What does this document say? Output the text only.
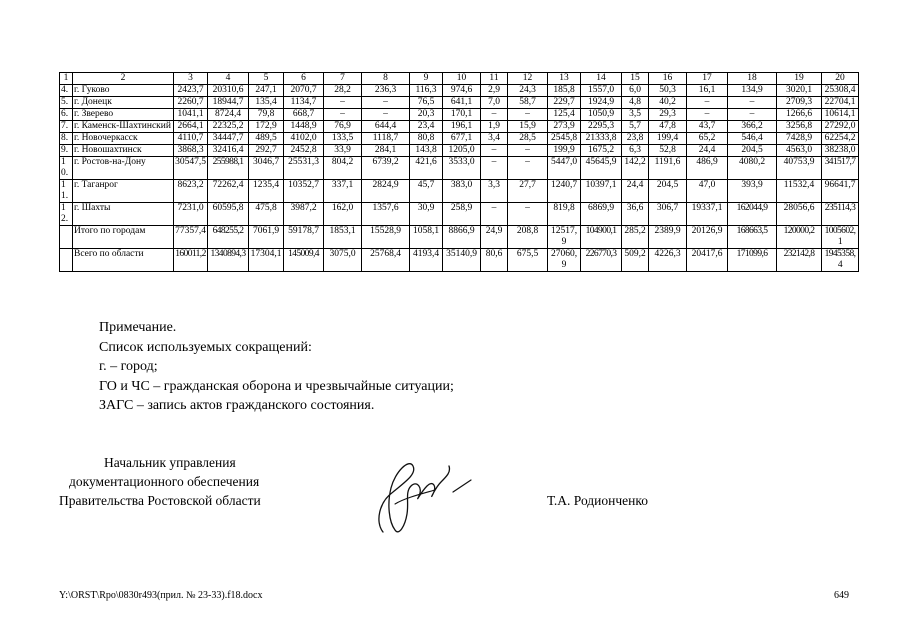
1	2	3	4	5	6	7	8	9	10	11	12	13	14	15	16	17	18	19	20
4.	г. Гуково	2423,7	20310,6	247,1	2070,7	28,2	236,3	116,3	974,6	2,9	24,3	185,8	1557,0	6,0	50,3	16,1	134,9	3020,1	25308,4
5.	г. Донецк	2260,7	18944,7	135,4	1134,7	–	–	76,5	641,1	7,0	58,7	229,7	1924,9	4,8	40,2	–	–	2709,3	22704,1
6.	г. Зверево	1041,1	8724,4	79,8	668,7	–	–	20,3	170,1	–	–	125,4	1050,9	3,5	29,3	–	–	1266,6	10614,1
7.	г. Каменск-Шахтинский	2664,1	22325,2	172,9	1448,9	76,9	644,4	23,4	196,1	1,9	15,9	273,9	2295,3	5,7	47,8	43,7	366,2	3256,8	27292,0
8.	г. Новочеркасск	4110,7	34447,7	489,5	4102,0	133,5	1118,7	80,8	677,1	3,4	28,5	2545,8	21333,8	23,8	199,4	65,2	546,4	7428,9	62254,2
9.	г. Новошахтинск	3868,3	32416,4	292,7	2452,8	33,9	284,1	143,8	1205,0	–	–	199,9	1675,2	6,3	52,8	24,4	204,5	4563,0	38238,0
10.	г. Ростов-на-Дону	30547,5	255988,1	3046,7	25531,3	804,2	6739,2	421,6	3533,0	–	–	5447,0	45645,9	142,2	1191,6	486,9	4080,2	40753,9	341517,7
11.	г. Таганрог	8623,2	72262,4	1235,4	10352,7	337,1	2824,9	45,7	383,0	3,3	27,7	1240,7	10397,1	24,4	204,5	47,0	393,9	11532,4	96641,7
12.	г. Шахты	7231,0	60595,8	475,8	3987,2	162,0	1357,6	30,9	258,9	–	–	819,8	6869,9	36,6	306,7	19337,1	162044,9	28056,6	235114,3
	Итого по городам	77357,4	648255,2	7061,9	59178,7	1853,1	15528,9	1058,1	8866,9	24,9	208,8	12517,9	104900,1	285,2	2389,9	20126,9	168663,5	120000,2	1005602,1
	Всего по области	160011,2	1340894,3	17304,1	145009,4	3075,0	25768,4	4193,4	35140,9	80,6	675,5	27060,9	226770,3	509,2	4226,3	20417,6	171099,6	232142,8	1945358,4
Примечание.
Список используемых сокращений:
г. – город;
ГО и ЧС – гражданская оборона и чрезвычайные ситуации;
ЗАГС – запись актов гражданского состояния.
Начальник управления
документационного обеспечения
Правительства Ростовской области	Т.А. Родионченко
Y:\ORST\Rpo\0830r493(прил. № 23-33).f18.docx	649
